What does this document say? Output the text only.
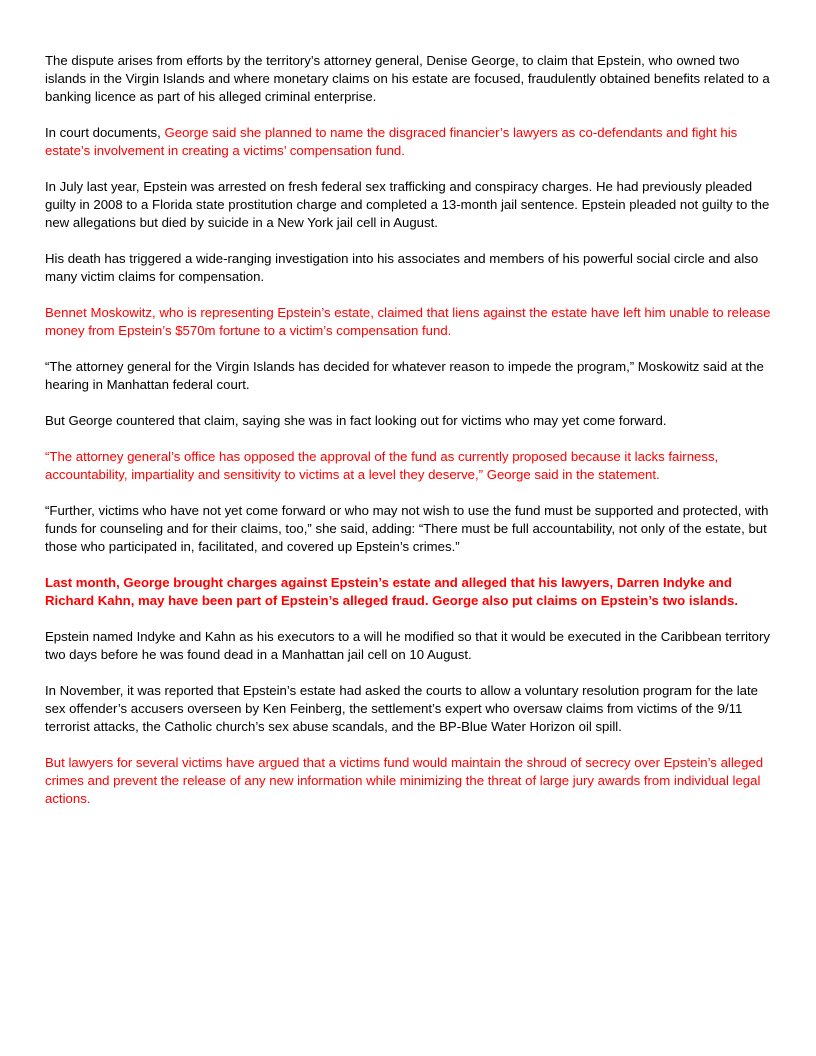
The dispute arises from efforts by the territory’s attorney general, Denise George, to claim that Epstein, who owned two islands in the Virgin Islands and where monetary claims on his estate are focused, fraudulently obtained benefits related to a banking licence as part of his alleged criminal enterprise.

In court documents, George said she planned to name the disgraced financier’s lawyers as co-defendants and fight his estate’s involvement in creating a victims’ compensation fund.

In July last year, Epstein was arrested on fresh federal sex trafficking and conspiracy charges. He had previously pleaded guilty in 2008 to a Florida state prostitution charge and completed a 13-month jail sentence. Epstein pleaded not guilty to the new allegations but died by suicide in a New York jail cell in August.

His death has triggered a wide-ranging investigation into his associates and members of his powerful social circle and also many victim claims for compensation.

Bennet Moskowitz, who is representing Epstein’s estate, claimed that liens against the estate have left him unable to release money from Epstein’s $570m fortune to a victim’s compensation fund.

“The attorney general for the Virgin Islands has decided for whatever reason to impede the program,” Moskowitz said at the hearing in Manhattan federal court.

But George countered that claim, saying she was in fact looking out for victims who may yet come forward.

“The attorney general’s office has opposed the approval of the fund as currently proposed because it lacks fairness, accountability, impartiality and sensitivity to victims at a level they deserve,” George said in the statement.

“Further, victims who have not yet come forward or who may not wish to use the fund must be supported and protected, with funds for counseling and for their claims, too,” she said, adding: “There must be full accountability, not only of the estate, but those who participated in, facilitated, and covered up Epstein’s crimes.”

Last month, George brought charges against Epstein’s estate and alleged that his lawyers, Darren Indyke and Richard Kahn, may have been part of Epstein’s alleged fraud. George also put claims on Epstein’s two islands.

Epstein named Indyke and Kahn as his executors to a will he modified so that it would be executed in the Caribbean territory two days before he was found dead in a Manhattan jail cell on 10 August.

In November, it was reported that Epstein’s estate had asked the courts to allow a voluntary resolution program for the late sex offender’s accusers overseen by Ken Feinberg, the settlement’s expert who oversaw claims from victims of the 9/11 terrorist attacks, the Catholic church’s sex abuse scandals, and the BP-Blue Water Horizon oil spill.

But lawyers for several victims have argued that a victims fund would maintain the shroud of secrecy over Epstein’s alleged crimes and prevent the release of any new information while minimizing the threat of large jury awards from individual legal actions.
